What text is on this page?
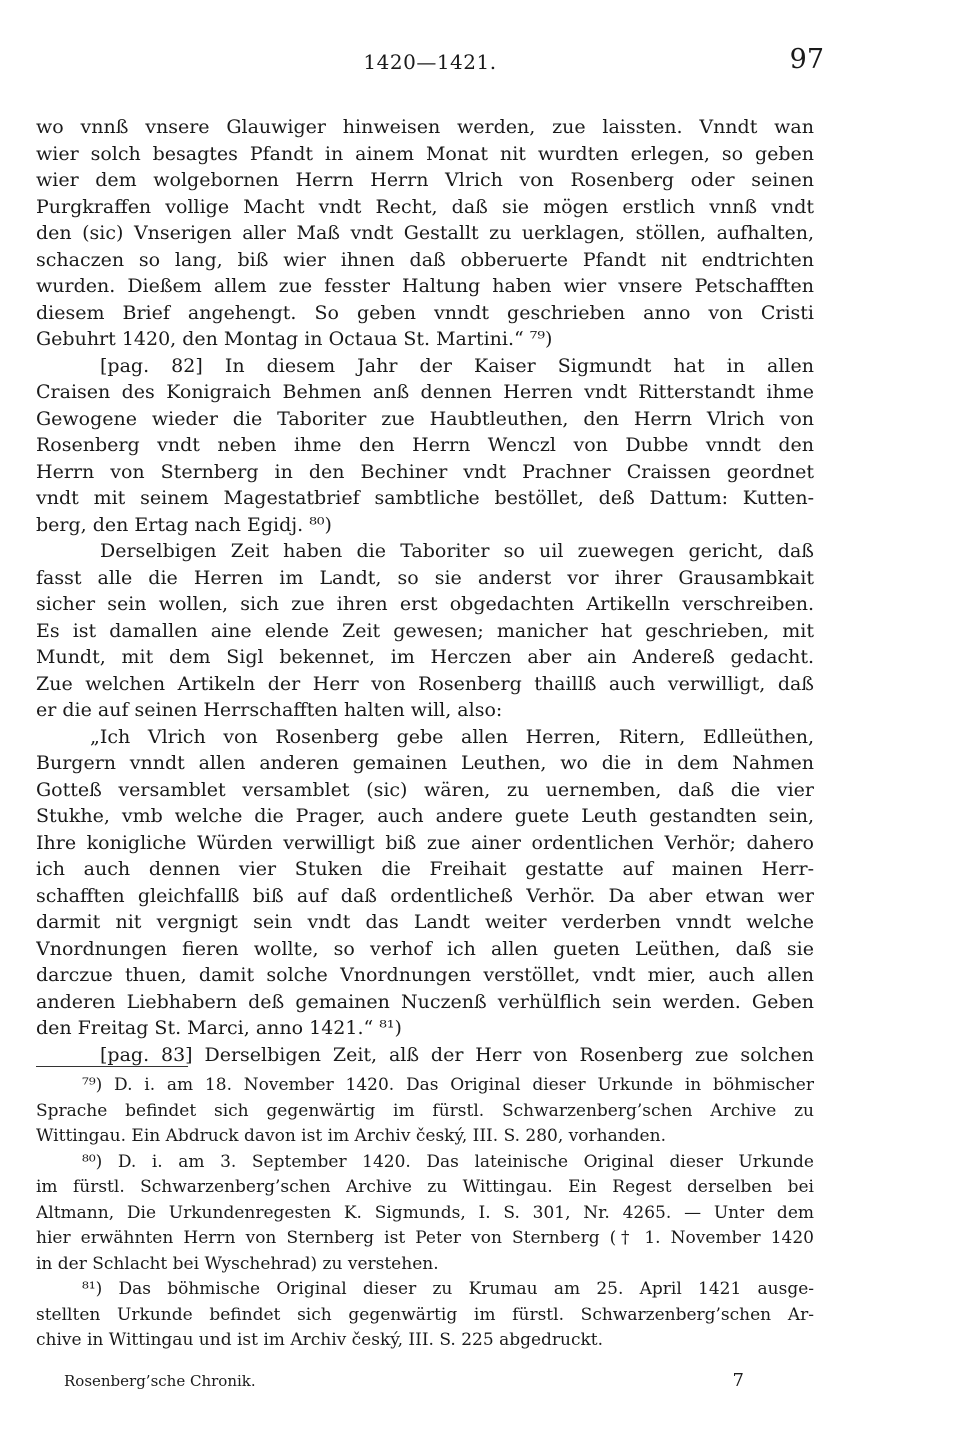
1420—1421.	97
wo vnnß vnsere Glauwiger hinweisen werden, zue laissten. Vnndt wan
wier solch besagtes Pfandt in ainem Monat nit wurdten erlegen, so geben
wier dem wolgebornen Herrn Herrn Vlrich von Rosenberg oder seinen
Purgkraffen vollige Macht vndt Recht, daß sie mögen erstlich vnnß vndt
den (sic) Vnserigen aller Maß vndt Gestallt zu uerklagen, stöllen, aufhalten,
schaczen so lang, biß wier ihnen daß obberuerte Pfandt nit endtrichten
wurden. Dießem allem zue fesster Haltung haben wier vnsere Petschafften
diesem Brief angehengt. So geben vnndt geschrieben anno von Cristi
Gebuhrt 1420, den Montag in Octaua St. Martini.“ ⁷⁹)
[pag. 82] In diesem Jahr der Kaiser Sigmundt hat in allen
Craisen des Konigraich Behmen anß dennen Herren vndt Ritterstandt ihme
Gewogene wieder die Taboriter zue Haubtleuthen, den Herrn Vlrich von
Rosenberg vndt neben ihme den Herrn Wenczl von Dubbe vnndt den
Herrn von Sternberg in den Bechiner vndt Prachner Craissen geordnet
vndt mit seinem Magestatbrief sambtliche bestöllet, deß Dattum: Kutten-
berg, den Ertag nach Egidj. ⁸⁰)
Derselbigen Zeit haben die Taboriter so uil zuewegen gericht, daß
fasst alle die Herren im Landt, so sie anderst vor ihrer Grausambkait
sicher sein wollen, sich zue ihren erst obgedachten Artikelln verschreiben.
Es ist damallen aine elende Zeit gewesen; manicher hat geschrieben, mit
Mundt, mit dem Sigl bekennet, im Herczen aber ain Andereß gedacht.
Zue welchen Artikeln der Herr von Rosenberg thaillß auch verwilligt, daß
er die auf seinen Herrschafften halten will, also:
„Ich Vlrich von Rosenberg gebe allen Herren, Ritern, Edlleüthen,
Burgern vnndt allen anderen gemainen Leuthen, wo die in dem Nahmen
Gotteß versamblet versamblet (sic) wären, zu uernemben, daß die vier
Stukhe, vmb welche die Prager, auch andere guete Leuth gestandten sein,
Ihre konigliche Würden verwilligt biß zue ainer ordentlichen Verhör; dahero
ich auch dennen vier Stuken die Freihait gestatte auf mainen Herr-
schafften gleichfallß biß auf daß ordentlicheß Verhör. Da aber etwan wer
darmit nit vergnigt sein vndt das Landt weiter verderben vnndt welche
Vnordnungen fieren wollte, so verhof ich allen gueten Leüthen, daß sie
darczue thuen, damit solche Vnordnungen verstöllet, vndt mier, auch allen
anderen Liebhabern deß gemainen Nuczenß verhülflich sein werden. Geben
den Freitag St. Marci, anno 1421.“ ⁸¹)
[pag. 83] Derselbigen Zeit, alß der Herr von Rosenberg zue solchen
⁷⁹) D. i. am 18. November 1420. Das Original dieser Urkunde in böhmischer
Sprache befindet sich gegenwärtig im fürstl. Schwarzenberg’schen Archive zu
Wittingau. Ein Abdruck davon ist im Archiv český, III. S. 280, vorhanden.
⁸⁰) D. i. am 3. September 1420. Das lateinische Original dieser Urkunde
im fürstl. Schwarzenberg’schen Archive zu Wittingau. Ein Regest derselben bei
Altmann, Die Urkundenregesten K. Sigmunds, I. S. 301, Nr. 4265. — Unter dem
hier erwähnten Herrn von Sternberg ist Peter von Sternberg († 1. November 1420
in der Schlacht bei Wyschehrad) zu verstehen.
⁸¹) Das böhmische Original dieser zu Krumau am 25. April 1421 ausge-
stellten Urkunde befindet sich gegenwärtig im fürstl. Schwarzenberg’schen Ar-
chive in Wittingau und ist im Archiv český, III. S. 225 abgedruckt.
Rosenberg’sche Chronik.	7
